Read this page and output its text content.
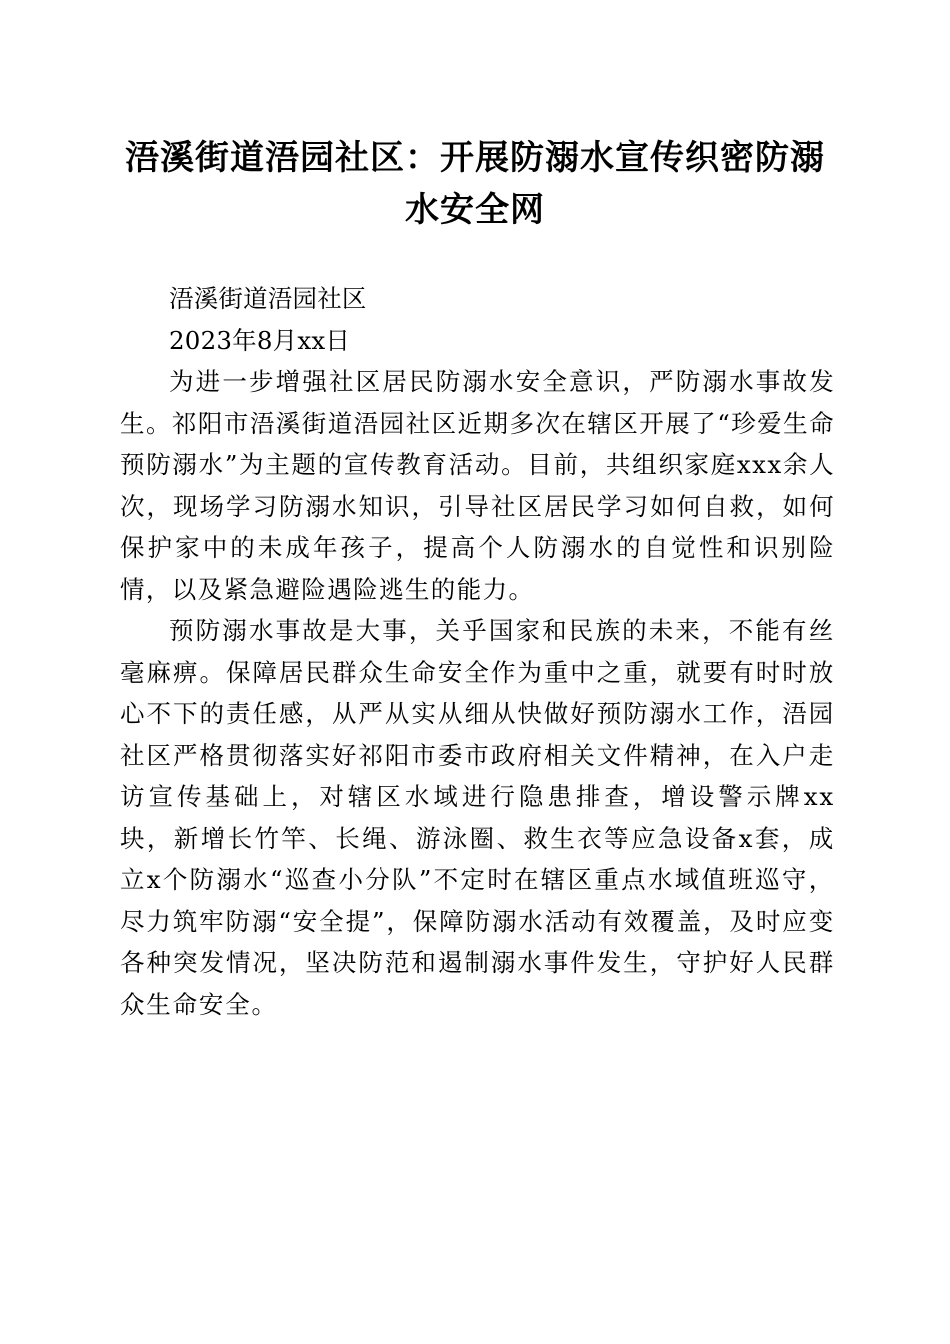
浯溪街道浯园社区：开展防溺水宣传织密防溺水安全网

浯溪街道浯园社区

2023年8月xx日

为进一步增强社区居民防溺水安全意识，严防溺水事故发生。祁阳市浯溪街道浯园社区近期多次在辖区开展了“珍爱生命预防溺水”为主题的宣传教育活动。目前，共组织家庭xxx余人次，现场学习防溺水知识，引导社区居民学习如何自救，如何保护家中的未成年孩子，提高个人防溺水的自觉性和识别险情，以及紧急避险遇险逃生的能力。

预防溺水事故是大事，关乎国家和民族的未来，不能有丝毫麻痹。保障居民群众生命安全作为重中之重，就要有时时放心不下的责任感，从严从实从细从快做好预防溺水工作，浯园社区严格贯彻落实好祁阳市委市政府相关文件精神，在入户走访宣传基础上，对辖区水域进行隐患排查，增设警示牌xx块，新增长竹竿、长绳、游泳圈、救生衣等应急设备x套，成立x个防溺水“巡查小分队”不定时在辖区重点水域值班巡守，尽力筑牢防溺“安全提”，保障防溺水活动有效覆盖，及时应变各种突发情况，坚决防范和遏制溺水事件发生，守护好人民群众生命安全。
